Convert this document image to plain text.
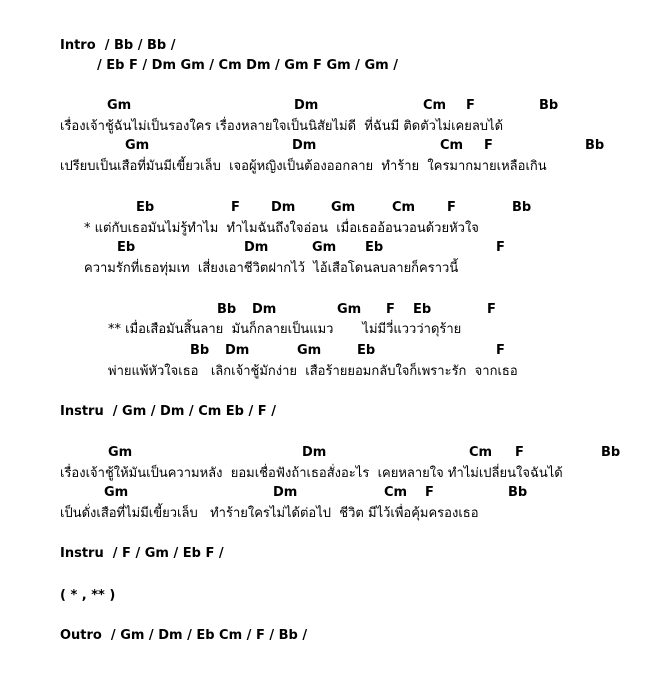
Intro  / Bb / Bb /
/ Eb F / Dm Gm / Cm Dm / Gm F Gm / Gm /
Gm	Dm	Cm F	Bb
เรื่องเจ้าชู้ฉันไม่เป็นรองใคร เรื่องหลายใจเป็นนิสัยไม่ดี  ที่ฉันมี ติดตัวไม่เคยลบได้
Gm	Dm	Cm F	Bb
เปรียบเป็นเสือที่มันมีเขี้ยวเล็บ  เจอผู้หญิงเป็นต้องออกลาย  ทำร้าย  ใครมากมายเหลือเกิน
Eb	F Dm	Gm	Cm F	Bb
* แต่กับเธอมันไม่รู้ทำไม  ทำไมฉันถึงใจอ่อน  เมื่อเธออ้อนวอนด้วยหัวใจ
Eb	Dm	Gm Eb	F
ความรักที่เธอทุ่มเท  เสี่ยงเอาชีวิตฝากไว้  ไอ้เสือโดนลบลายก็คราวนี้
Bb Dm	Gm F Eb	F
** เมื่อเสือมันสิ้นลาย  มันก็กลายเป็นแมว       ไม่มีวี่แววว่าดุร้าย
Bb Dm	Gm	Eb	F
พ่ายแพ้หัวใจเธอ   เลิกเจ้าชู้มักง่าย  เสือร้ายยอมกลับใจก็เพราะรัก  จากเธอ
Instru  / Gm / Dm / Cm Eb / F /
Gm	Dm	Cm F	Bb
เรื่องเจ้าชู้ให้มันเป็นความหลัง  ยอมเชื่อฟังถ้าเธอสั่งอะไร  เคยหลายใจ ทำไม่เปลี่ยนใจฉันได้
Gm	Dm	Cm F	Bb
เป็นดั่งเสือที่ไม่มีเขี้ยวเล็บ   ทำร้ายใครไม่ได้ต่อไป  ชีวิต มีไว้เพื่อคุ้มครองเธอ
Instru  / F / Gm / Eb F /
( * , ** )
Outro  / Gm / Dm / Eb Cm / F / Bb /
